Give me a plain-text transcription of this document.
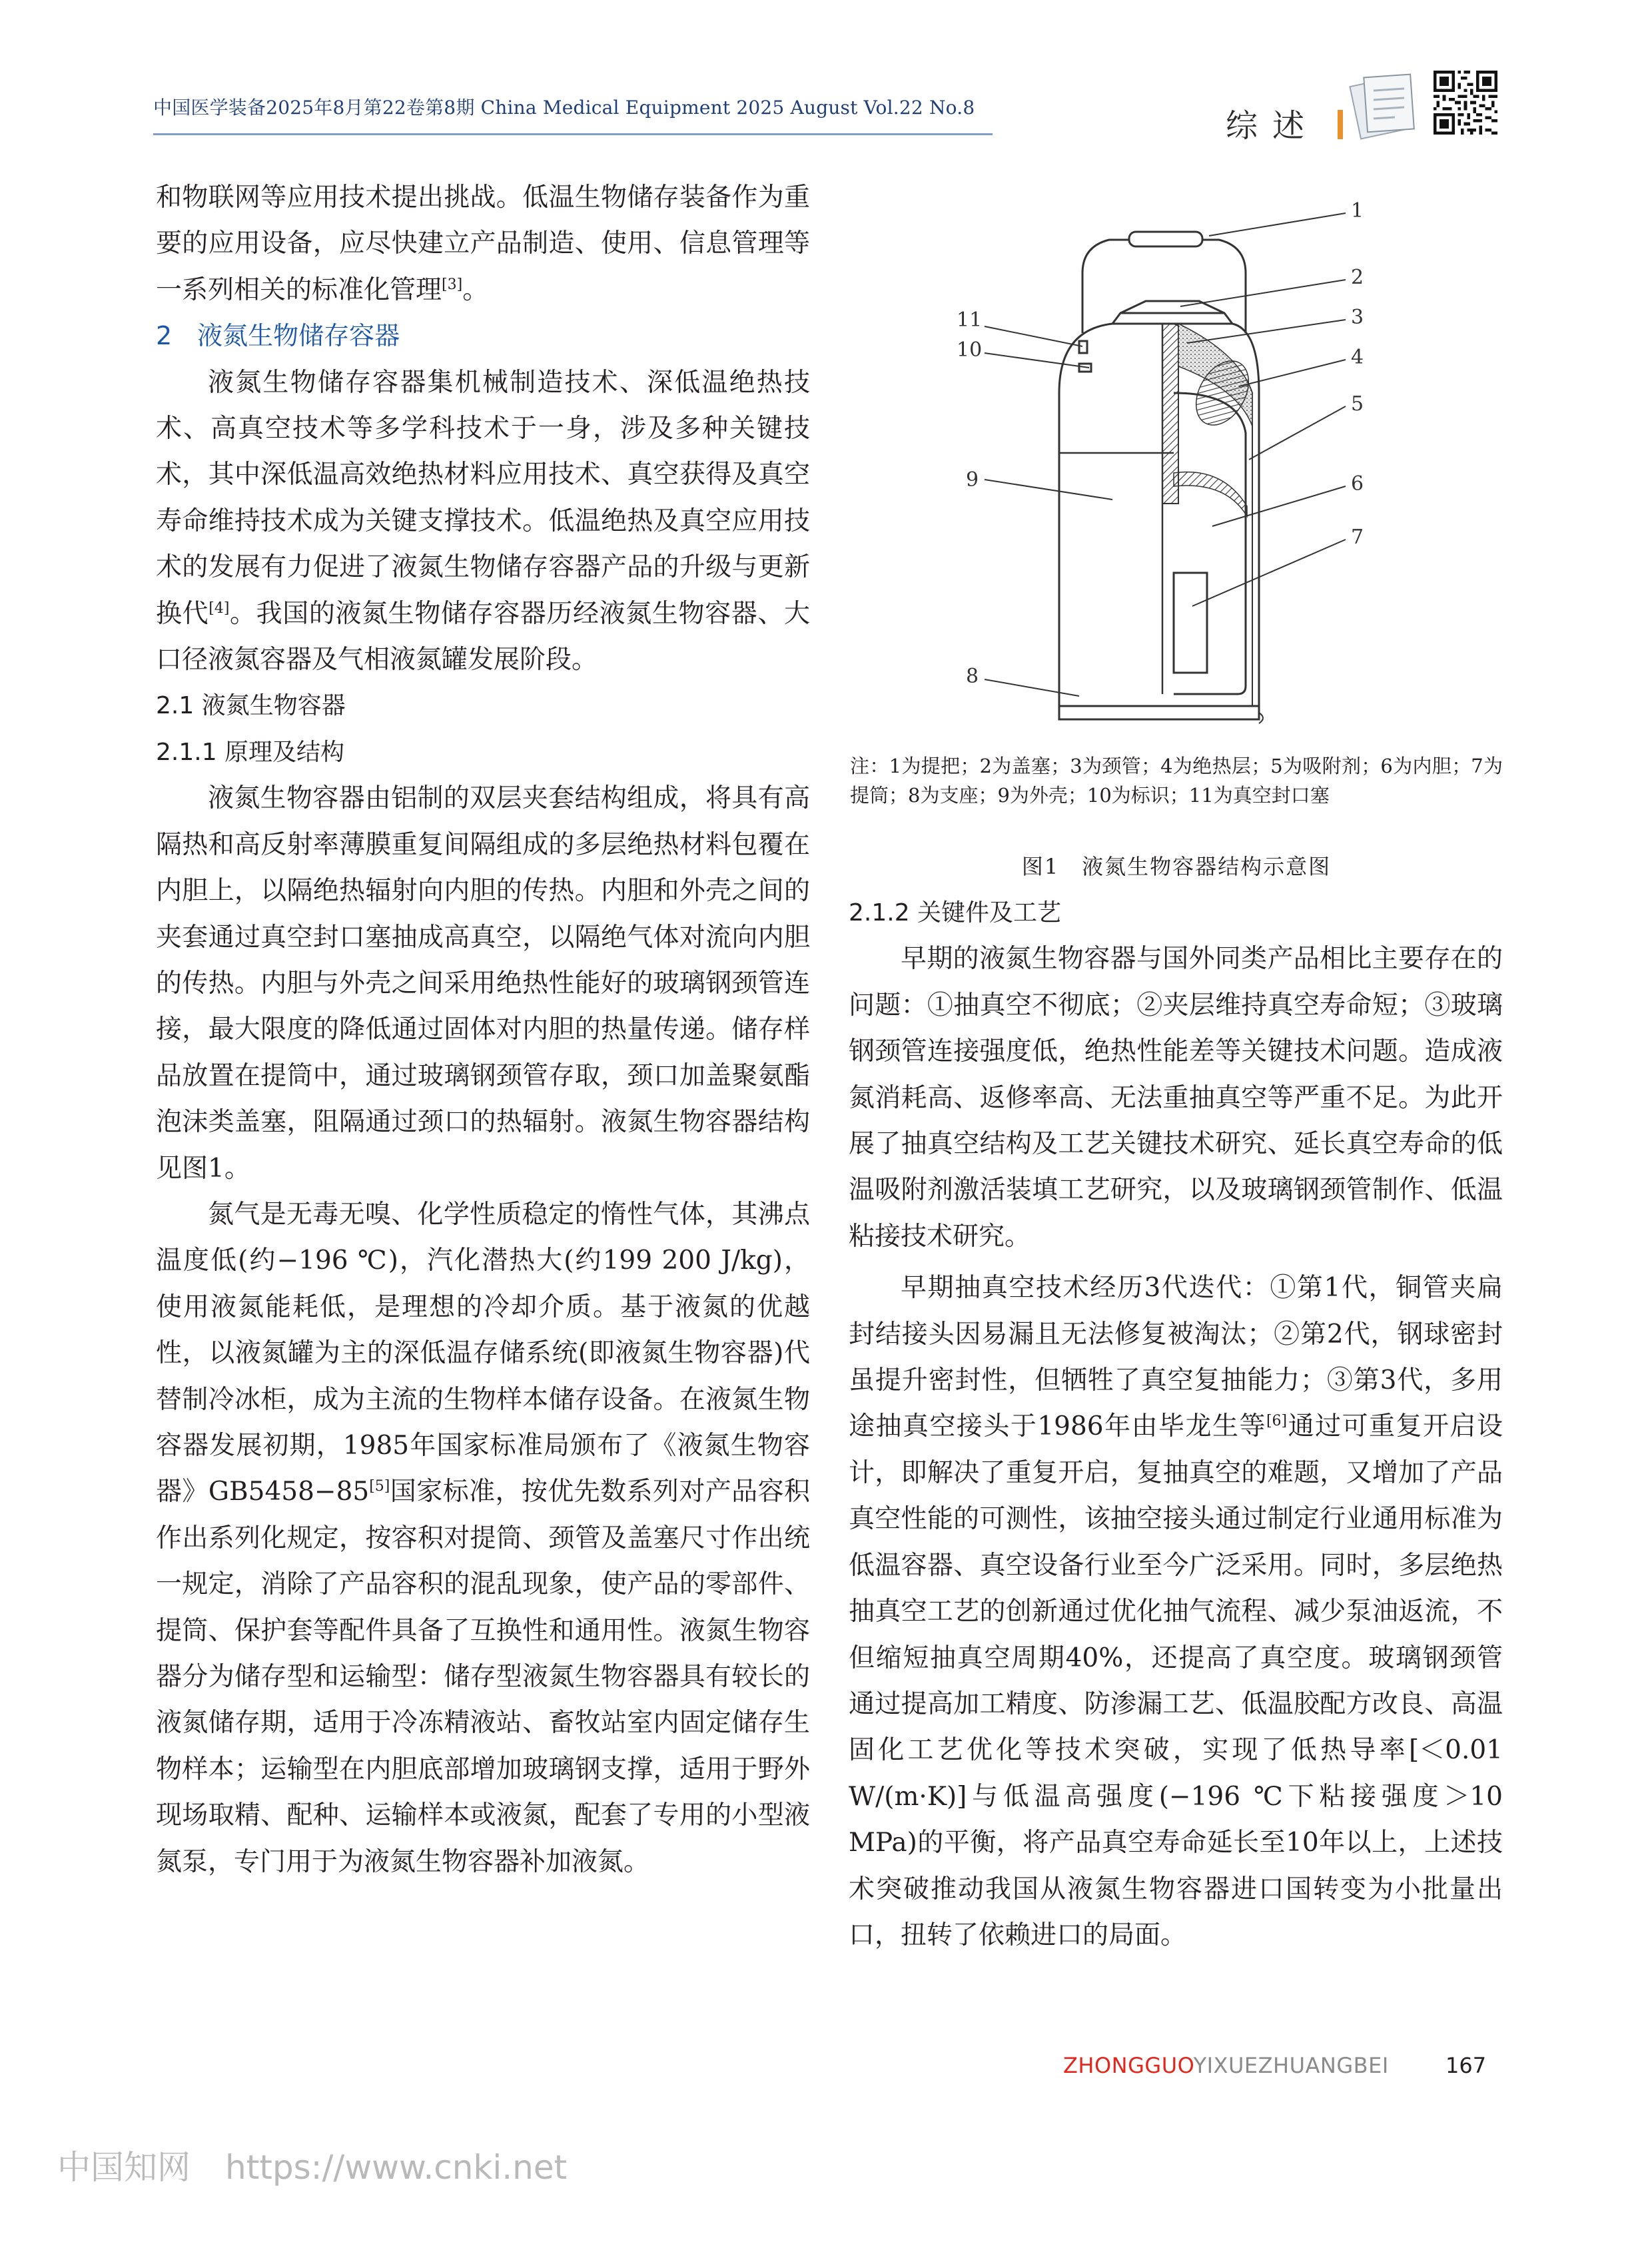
中国医学装备2025年8月第22卷第8期 China Medical Equipment 2025 August Vol.22 No.8	综述

和物联网等应用技术提出挑战。低温生物储存装备作为重要的应用设备，应尽快建立产品制造、使用、信息管理等一系列相关的标准化管理[3]。

2　液氮生物储存容器

液氮生物储存容器集机械制造技术、深低温绝热技术、高真空技术等多学科技术于一身，涉及多种关键技术，其中深低温高效绝热材料应用技术、真空获得及真空寿命维持技术成为关键支撑技术。低温绝热及真空应用技术的发展有力促进了液氮生物储存容器产品的升级与更新换代[4]。我国的液氮生物储存容器历经液氮生物容器、大口径液氮容器及气相液氮罐发展阶段。

2.1 液氮生物容器

2.1.1 原理及结构

液氮生物容器由铝制的双层夹套结构组成，将具有高隔热和高反射率薄膜重复间隔组成的多层绝热材料包覆在内胆上，以隔绝热辐射向内胆的传热。内胆和外壳之间的夹套通过真空封口塞抽成高真空，以隔绝气体对流向内胆的传热。内胆与外壳之间采用绝热性能好的玻璃钢颈管连接，最大限度的降低通过固体对内胆的热量传递。储存样品放置在提筒中，通过玻璃钢颈管存取，颈口加盖聚氨酯泡沫类盖塞，阻隔通过颈口的热辐射。液氮生物容器结构见图1。

氮气是无毒无嗅、化学性质稳定的惰性气体，其沸点温度低(约−196 ℃)，汽化潜热大(约199 200 J/kg)，使用液氮能耗低，是理想的冷却介质。基于液氮的优越性，以液氮罐为主的深低温存储系统(即液氮生物容器)代替制冷冰柜，成为主流的生物样本储存设备。在液氮生物容器发展初期，1985年国家标准局颁布了《液氮生物容器》GB5458−85[5]国家标准，按优先数系列对产品容积作出系列化规定，按容积对提筒、颈管及盖塞尺寸作出统一规定，消除了产品容积的混乱现象，使产品的零部件、提筒、保护套等配件具备了互换性和通用性。液氮生物容器分为储存型和运输型：储存型液氮生物容器具有较长的液氮储存期，适用于冷冻精液站、畜牧站室内固定储存生物样本；运输型在内胆底部增加玻璃钢支撑，适用于野外现场取精、配种、运输样本或液氮，配套了专用的小型液氮泵，专门用于为液氮生物容器补加液氮。

1
2
3
4
5
6
7
8
9
10
11
注：1为提把；2为盖塞；3为颈管；4为绝热层；5为吸附剂；6为内胆；7为提筒；8为支座；9为外壳；10为标识；11为真空封口塞
图1　液氮生物容器结构示意图

2.1.2 关键件及工艺

早期的液氮生物容器与国外同类产品相比主要存在的问题：①抽真空不彻底；②夹层维持真空寿命短；③玻璃钢颈管连接强度低，绝热性能差等关键技术问题。造成液氮消耗高、返修率高、无法重抽真空等严重不足。为此开展了抽真空结构及工艺关键技术研究、延长真空寿命的低温吸附剂激活装填工艺研究，以及玻璃钢颈管制作、低温粘接技术研究。

早期抽真空技术经历3代迭代：①第1代，铜管夹扁封结接头因易漏且无法修复被淘汰；②第2代，钢球密封虽提升密封性，但牺牲了真空复抽能力；③第3代，多用途抽真空接头于1986年由毕龙生等[6]通过可重复开启设计，即解决了重复开启，复抽真空的难题，又增加了产品真空性能的可测性，该抽空接头通过制定行业通用标准为低温容器、真空设备行业至今广泛采用。同时，多层绝热抽真空工艺的创新通过优化抽气流程、减少泵油返流，不但缩短抽真空周期40%，还提高了真空度。玻璃钢颈管通过提高加工精度、防渗漏工艺、低温胶配方改良、高温固化工艺优化等技术突破，实现了低热导率[＜0.01 W/(m·K)]与低温高强度(−196 ℃下粘接强度＞10 MPa)的平衡，将产品真空寿命延长至10年以上，上述技术突破推动我国从液氮生物容器进口国转变为小批量出口，扭转了依赖进口的局面。

ZHONGGUOYIXUEZHUANGBEI	167
中国知网 https://www.cnki.net
